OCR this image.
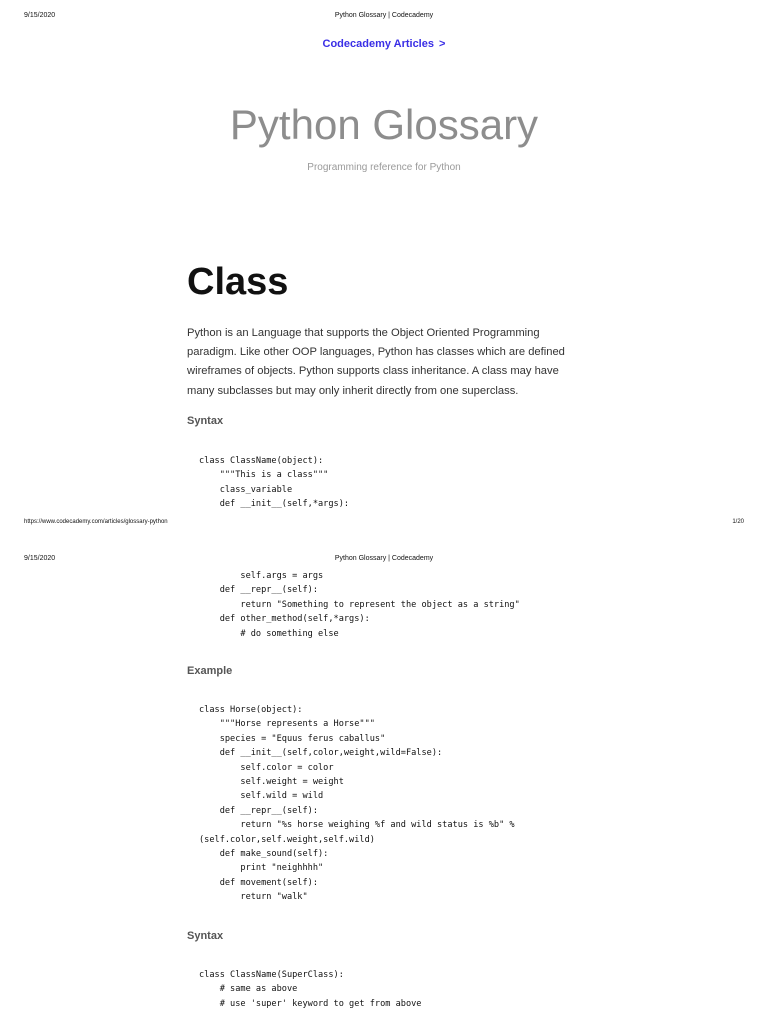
9/15/2020	Python Glossary | Codecademy
Codecademy Articles >
Python Glossary
Programming reference for Python
Class

Python is an Language that supports the Object Oriented Programming paradigm. Like other OOP languages, Python has classes which are defined wireframes of objects. Python supports class inheritance. A class may have many subclasses but may only inherit directly from one superclass.

Syntax
class ClassName(object):
"""This is a class"""
class_variable
def __init__(self,*args):
https://www.codecademy.com/articles/glossary-python	1/20
9/15/2020	Python Glossary | Codecademy
self.args = args
def __repr__(self):
return "Something to represent the object as a string"
def other_method(self,*args):
# do something else
Example
class Horse(object):
"""Horse represents a Horse"""
species = "Equus ferus caballus"
def __init__(self,color,weight,wild=False):
self.color = color
self.weight = weight
self.wild = wild
def __repr__(self):
return "%s horse weighing %f and wild status is %b" %
(self.color,self.weight,self.wild)
def make_sound(self):
print "neighhhh"
def movement(self):
return "walk"
Syntax
class ClassName(SuperClass):
# same as above
# use 'super' keyword to get from above
